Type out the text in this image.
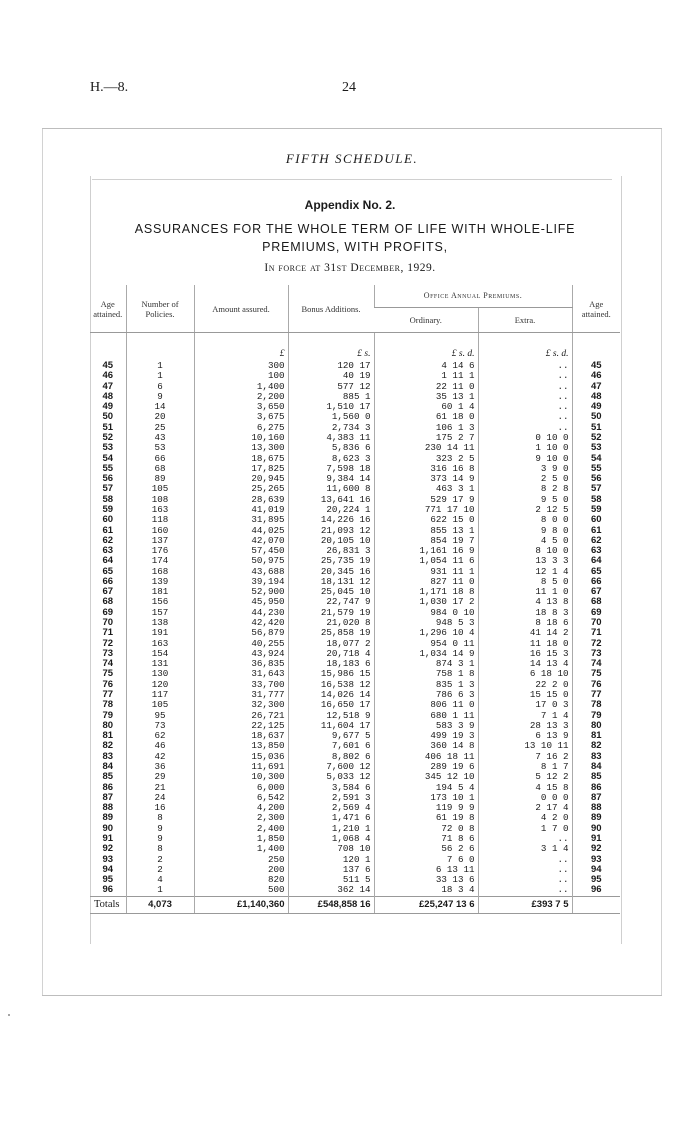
H.—8.	24
FIFTH SCHEDULE.
Appendix No. 2.
ASSURANCES FOR THE WHOLE TERM OF LIFE WITH WHOLE-LIFE
PREMIUMS, WITH PROFITS,
In force at 31st December, 1929.
Age attained.	Number of Policies.	Amount assured.	Bonus Additions.	Office Annual Premiums.		Age attained.
				Ordinary.	Extra.	

		£	£ s.	£ s. d.	£ s. d.	
45	1	300	120 17	4 14 6	..	45
46	1	100	40 19	1 11 1	..	46
47	6	1,400	577 12	22 11 0	..	47
48	9	2,200	885 1	35 13 1	..	48
49	14	3,650	1,510 17	60 1 4	..	49
50	20	3,675	1,560 0	61 18 0	..	50
51	25	6,275	2,734 3	106 1 3	..	51
52	43	10,160	4,383 11	175 2 7	0 10 0	52
53	53	13,300	5,836 6	230 14 11	1 10 0	53
54	66	18,675	8,623 3	323 2 5	9 10 0	54
55	68	17,825	7,598 18	316 16 8	3 9 0	55
56	89	20,945	9,384 14	373 14 9	2 5 0	56
57	105	25,265	11,600 8	463 3 1	8 2 8	57
58	108	28,639	13,641 16	529 17 9	9 5 0	58
59	163	41,019	20,224 1	771 17 10	2 12 5	59
60	118	31,895	14,226 16	622 15 0	8 0 0	60
61	160	44,025	21,093 12	855 13 1	9 8 0	61
62	137	42,070	20,105 10	854 19 7	4 5 0	62
63	176	57,450	26,831 3	1,161 16 9	8 10 0	63
64	174	50,975	25,735 19	1,054 11 6	13 3 3	64
65	168	43,688	20,345 16	931 11 1	12 1 4	65
66	139	39,194	18,131 12	827 11 0	8 5 0	66
67	181	52,900	25,045 10	1,171 18 8	11 1 0	67
68	156	45,950	22,747 9	1,030 17 2	4 13 8	68
69	157	44,230	21,579 19	984 0 10	18 8 3	69
70	138	42,420	21,020 8	948 5 3	8 18 6	70
71	191	56,879	25,858 19	1,296 10 4	41 14 2	71
72	163	40,255	18,077 2	954 0 11	11 18 0	72
73	154	43,924	20,718 4	1,034 14 9	16 15 3	73
74	131	36,835	18,183 6	874 3 1	14 13 4	74
75	130	31,643	15,986 15	758 1 8	6 18 10	75
76	120	33,700	16,538 12	835 1 3	22 2 0	76
77	117	31,777	14,026 14	786 6 3	15 15 0	77
78	105	32,300	16,650 17	806 11 0	17 0 3	78
79	95	26,721	12,518 9	680 1 11	7 1 4	79
80	73	22,125	11,604 17	583 3 9	28 13 3	80
81	62	18,637	9,677 5	499 19 3	6 13 9	81
82	46	13,850	7,601 6	360 14 8	13 10 11	82
83	42	15,036	8,802 6	406 18 11	7 16 2	83
84	36	11,691	7,600 12	289 19 6	8 1 7	84
85	29	10,300	5,033 12	345 12 10	5 12 2	85
86	21	6,000	3,584 6	194 5 4	4 15 8	86
87	24	6,542	2,591 3	173 10 1	0 0 0	87
88	16	4,200	2,569 4	119 9 9	2 17 4	88
89	8	2,300	1,471 6	61 19 8	4 2 0	89
90	9	2,400	1,210 1	72 0 8	1 7 0	90
91	9	1,850	1,068 4	71 8 6	..	91
92	8	1,400	708 10	56 2 6	3 1 4	92
93	2	250	120 1	7 6 0	..	93
94	2	200	137 6	6 13 11	..	94
95	4	820	511 5	33 13 6	..	95
96	1	500	362 14	18 3 4	..	96
Totals	4,073	£1,140,360	£548,858 16	£25,247 13 6	£393 7 5	
